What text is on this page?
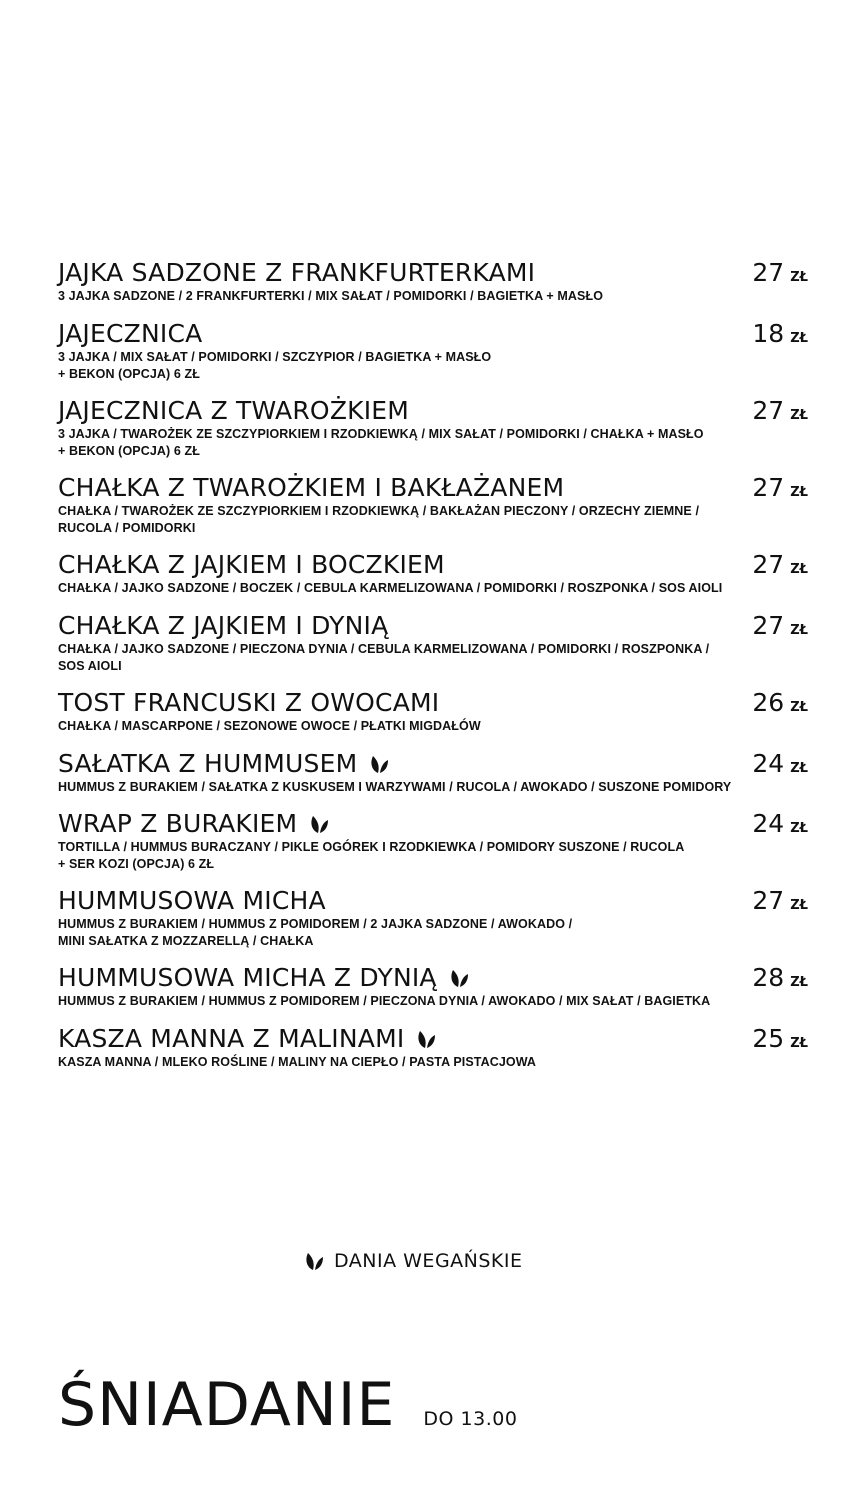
JAJKA SADZONE Z FRANKFURTERKAMI
3 JAJKA SADZONE / 2 FRANKFURTERKI / MIX SAŁAT / POMIDORKI / BAGIETKA + MASŁO
27 ZŁ
JAJECZNICA
3 JAJKA / MIX SAŁAT / POMIDORKI / SZCZYPIOR / BAGIETKA + MASŁO
+ BEKON (OPCJA) 6 ZŁ
18 ZŁ
JAJECZNICA Z TWAROŻKIEM
3 JAJKA / TWAROŻEK ZE SZCZYPIORKIEM I RZODKIEWKĄ / MIX SAŁAT / POMIDORKI / CHAŁKA + MASŁO
+ BEKON (OPCJA) 6 ZŁ
27 ZŁ
CHAŁKA Z TWAROŻKIEM I BAKŁAŻANEM
CHAŁKA / TWAROŻEK ZE SZCZYPIORKIEM I RZODKIEWKĄ / BAKŁAŻAN PIECZONY / ORZECHY ZIEMNE /
RUCOLA / POMIDORKI
27 ZŁ
CHAŁKA Z JAJKIEM I BOCZKIEM
CHAŁKA / JAJKO SADZONE / BOCZEK / CEBULA KARMELIZOWANA / POMIDORKI / ROSZPONKA / SOS AIOLI
27 ZŁ
CHAŁKA Z JAJKIEM I DYNIĄ
CHAŁKA / JAJKO SADZONE / PIECZONA DYNIA / CEBULA KARMELIZOWANA / POMIDORKI / ROSZPONKA /
SOS AIOLI
27 ZŁ
TOST FRANCUSKI Z OWOCAMI
CHAŁKA / MASCARPONE / SEZONOWE OWOCE / PŁATKI MIGDAŁÓW
26 ZŁ
SAŁATKA Z HUMMUSEM
HUMMUS Z BURAKIEM / SAŁATKA Z KUSKUSEM I WARZYWAMI / RUCOLA / AWOKADO / SUSZONE POMIDORY
24 ZŁ
WRAP Z BURAKIEM
TORTILLA / HUMMUS BURACZANY / PIKLE OGÓREK I RZODKIEWKA / POMIDORY SUSZONE / RUCOLA
+ SER KOZI (OPCJA) 6 ZŁ
24 ZŁ
HUMMUSOWA MICHA
HUMMUS Z BURAKIEM / HUMMUS Z POMIDOREM / 2 JAJKA SADZONE / AWOKADO /
MINI SAŁATKA Z MOZZARELLĄ / CHAŁKA
27 ZŁ
HUMMUSOWA MICHA Z DYNIĄ
HUMMUS Z BURAKIEM / HUMMUS Z POMIDOREM / PIECZONA DYNIA / AWOKADO / MIX SAŁAT / BAGIETKA
28 ZŁ
KASZA MANNA Z MALINAMI
KASZA MANNA / MLEKO ROŚLINE / MALINY NA CIEPŁO / PASTA PISTACJOWA
25 ZŁ
DANIA WEGAŃSKIE
ŚNIADANIE DO 13.00
